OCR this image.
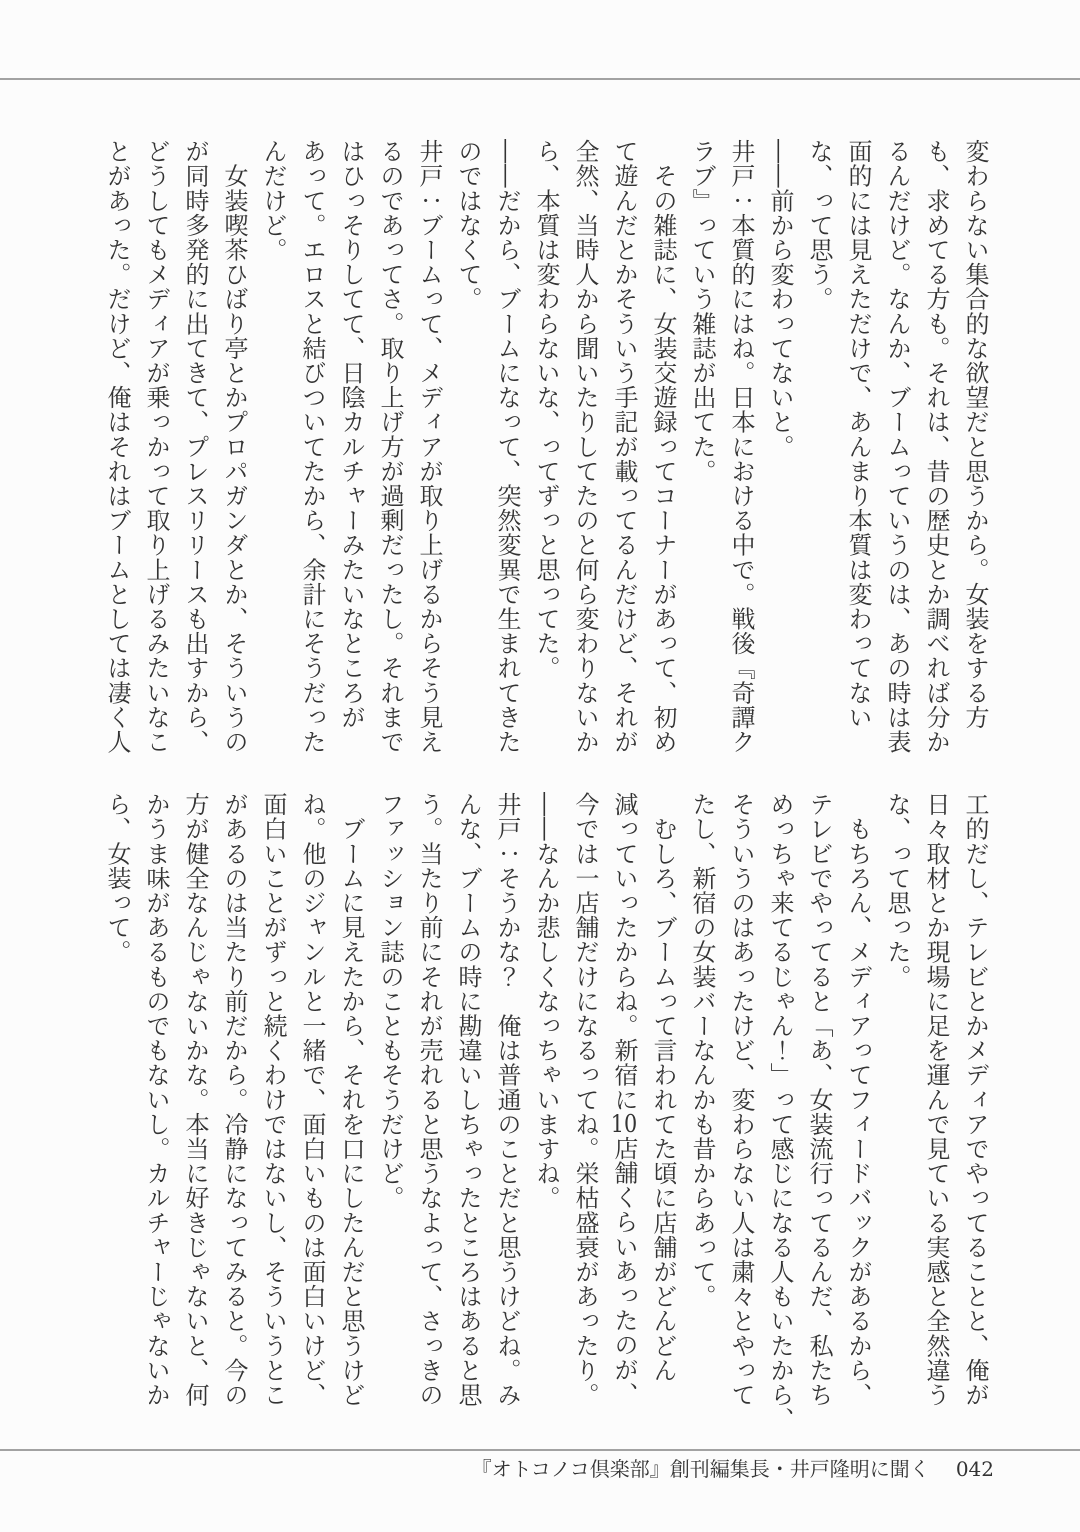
変わらない集合的な欲望だと思うから。女装をする方

も、求めてる方も。それは、昔の歴史とか調べれば分か

るんだけど。なんか、ブームっていうのは、あの時は表

面的には見えただけで、あんまり本質は変わってない

な、って思う。

――前から変わってないと。

井戸：本質的にはね。日本における中で。戦後『奇譚ク

ラブ』っていう雑誌が出てた。

　その雑誌に、女装交遊録ってコーナーがあって、初め

て遊んだとかそういう手記が載ってるんだけど、それが

全然、当時人から聞いたりしてたのと何ら変わりないか

ら、本質は変わらないな、ってずっと思ってた。

――だから、ブームになって、突然変異で生まれてきた

のではなくて。

井戸：ブームって、メディアが取り上げるからそう見え

るのであってさ。取り上げ方が過剰だったし。それまで

はひっそりしてて、日陰カルチャーみたいなところが

あって。エロスと結びついてたから、余計にそうだった

んだけど。

　女装喫茶ひばり亭とかプロパガンダとか、そういうの

が同時多発的に出てきて、プレスリリースも出すから、

どうしてもメディアが乗っかって取り上げるみたいなこ

とがあった。だけど、俺はそれはブームとしては凄く人

工的だし、テレビとかメディアでやってることと、俺が

日々取材とか現場に足を運んで見ている実感と全然違う

な、って思った。

　もちろん、メディアってフィードバックがあるから、

テレビでやってると「あ、女装流行ってるんだ、私たち

めっちゃ来てるじゃん！」って感じになる人もいたから、

そういうのはあったけど、変わらない人は粛々とやって

たし、新宿の女装バーなんかも昔からあって。

　むしろ、ブームって言われてた頃に店舗がどんどん

減っていったからね。新宿に10店舗くらいあったのが、

今では一店舗だけになるってね。栄枯盛衰があったり。

――なんか悲しくなっちゃいますね。

井戸：そうかな？　俺は普通のことだと思うけどね。み

んな、ブームの時に勘違いしちゃったところはあると思

う。当たり前にそれが売れると思うなよって、さっきの

ファッション誌のこともそうだけど。

　ブームに見えたから、それを口にしたんだと思うけど

ね。他のジャンルと一緒で、面白いものは面白いけど、

面白いことがずっと続くわけではないし、そういうとこ

があるのは当たり前だから。冷静になってみると。今の

方が健全なんじゃないかな。本当に好きじゃないと、何

かうま味があるものでもないし。カルチャーじゃないか

ら、女装って。

『オトコノコ倶楽部』創刊編集長・井戸隆明に聞く 042
